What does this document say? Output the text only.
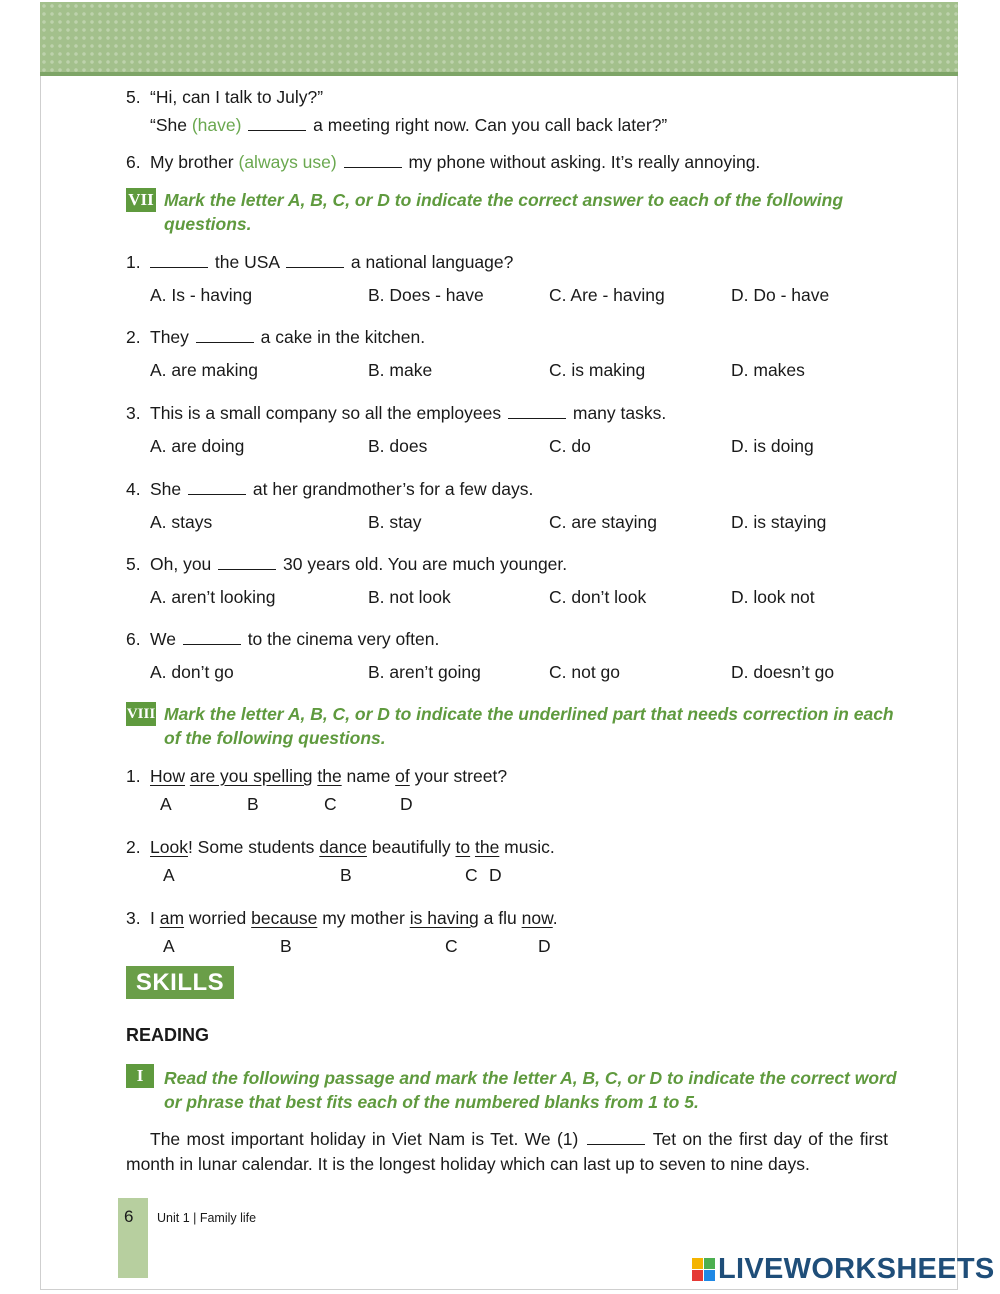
5. “Hi, can I talk to July?”
“She (have)	a meeting right now. Can you call back later?”
6. My brother (always use)	my phone without asking. It’s really annoying.
VII Mark the letter A, B, C, or D to indicate the correct answer to each of the following
questions.
1.	the USA	a national language?
A. Is - having	B. Does - have	C. Are - having	D. Do - have
2. They	a cake in the kitchen.
A. are making	B. make	C. is making	D. makes
3. This is a small company so all the employees	many tasks.
A. are doing	B. does	C. do	D. is doing
4. She	at her grandmother’s for a few days.
A. stays	B. stay	C. are staying	D. is staying
5. Oh, you	30 years old. You are much younger.
A. aren’t looking	B. not look	C. don’t look	D. look not
6. We	to the cinema very often.
A. don’t go	B. aren’t going	C. not go	D. doesn’t go
VIII Mark the letter A, B, C, or D to indicate the underlined part that needs correction in each
of the following questions.
1. How are you spelling the name of your street?
A	B	C	D
2. Look! Some students dance beautifully to the music.
A	B	C D
3. I am worried because my mother is having a flu now.
A	B	C	D
SKILLS
READING
I	Read the following passage and mark the letter A, B, C, or D to indicate the correct word
or phrase that best fits each of the numbered blanks from 1 to 5.
The most important holiday in Viet Nam is Tet. We (1)	Tet on the first day of the first month in lunar calendar. It is the longest holiday which can last up to seven to nine days.
6 Unit 1 | Family life
LIVEWORKSHEETS
